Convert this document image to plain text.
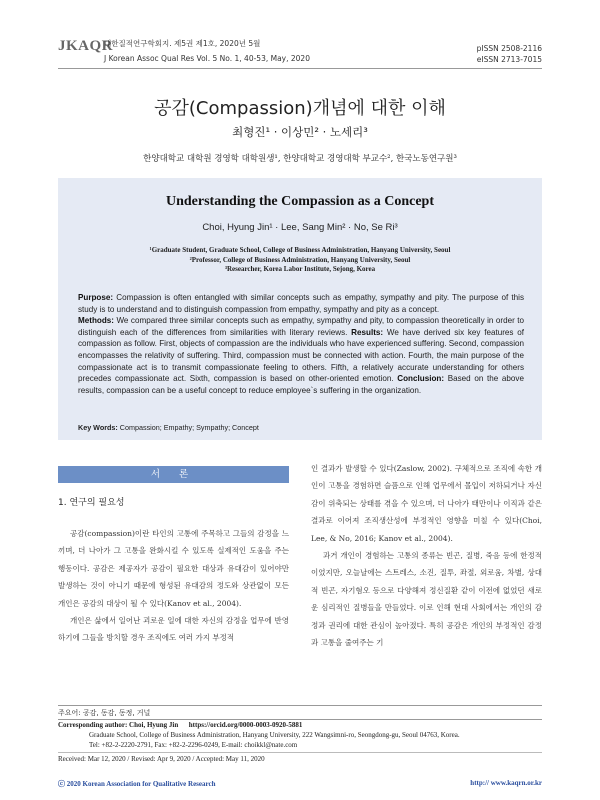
JKAQR
대한질적연구학회지. 제5권 제1호, 2020년 5월
J Korean Assoc Qual Res Vol. 5 No. 1, 40-53, May, 2020
pISSN 2508-2116
eISSN 2713-7015
공감(Compassion)개념에 대한 이해
최형진¹ · 이상민² · 노세리³
한양대학교 대학원 경영학 대학원생¹, 한양대학교 경영대학 부교수², 한국노동연구원³
Understanding the Compassion as a Concept
Choi, Hyung Jin¹ · Lee, Sang Min² · No, Se Ri³
¹Graduate Student, Graduate School, College of Business Administration, Hanyang University, Seoul
²Professor, College of Business Administration, Hanyang University, Seoul
³Researcher, Korea Labor Institute, Sejong, Korea
Purpose: Compassion is often entangled with similar concepts such as empathy, sympathy and pity. The purpose of this study is to understand and to distinguish compassion from empathy, sympathy and pity as a concept.
Methods: We compared three similar concepts such as empathy, sympathy and pity, to compassion theoretically in order to distinguish each of the differences from similarities with literary reviews. Results: We have derived six key features of compassion as follow. First, objects of compassion are the individuals who have experienced suffering. Second, compassion encompasses the relativity of suffering. Third, compassion must be connected with action. Fourth, the main purpose of the compassionate act is to transmit compassionate feeling to others. Fifth, a relatively accurate understanding for others precedes compassionate act. Sixth, compassion is based on other-oriented emotion. Conclusion: Based on the above results, compassion can be a useful concept to reduce employee`s suffering in the organization.
Key Words: Compassion; Empathy; Sympathy; Concept
서 론
1. 연구의 필요성

공감(compassion)이란 타인의 고통에 주목하고 그들의 감정을 느끼며, 더 나아가 그 고통을 완화시킬 수 있도록 실제적인 도움을 주는 행동이다. 공감은 제공자가 공감이 필요한 대상과 유대감이 있어야만 발생하는 것이 아니기 때문에 형성된 유대감의 정도와 상관없이 모든 개인은 공감의 대상이 될 수 있다(Kanov et al., 2004).

개인은 삶에서 일어난 괴로운 일에 대한 자신의 감정을 업무에 반영하기에 그들을 방치할 경우 조직에도 여러 가지 부정적

인 결과가 발생할 수 있다(Zaslow, 2002). 구체적으로 조직에 속한 개인이 고통을 경험하면 슬픔으로 인해 업무에서 몰입이 저하되거나 자신감이 위축되는 상태를 겪을 수 있으며, 더 나아가 태만이나 이직과 같은 결과로 이어져 조직생산성에 부정적인 영향을 미칠 수 있다(Choi, Lee, & No, 2016; Kanov et al., 2004).

과거 개인이 경험하는 고통의 종류는 빈곤, 질병, 죽음 등에 한정적이었지만, 오늘날에는 스트레스, 소진, 질투, 좌절, 외로움, 차별, 상대적 빈곤, 자기혐오 등으로 다양해져 정신질환 같이 이전에 없었던 새로운 심리적인 질병들을 만들었다. 이로 인해 현대 사회에서는 개인의 감정과 권리에 대한 관심이 높아졌다. 특히 공감은 개인의 부정적인 감정과 고통을 줄여주는 기

주요어: 공감, 동감, 동정, 거널
Corresponding author: Choi, Hyung Jin https://orcid.org/0000-0003-0920-5881
Graduate School, College of Business Administration, Hanyang University, 222 Wangsimni-ro, Seongdong-gu, Seoul 04763, Korea.
Tel: +82-2-2220-2791, Fax: +82-2-2296-0249, E-mail: choikkl@nate.com
Received: Mar 12, 2020 / Revised: Apr 9, 2020 / Accepted: May 11, 2020
ⓒ 2020 Korean Association for Qualitative Research	http:// www.kaqrn.or.kr
